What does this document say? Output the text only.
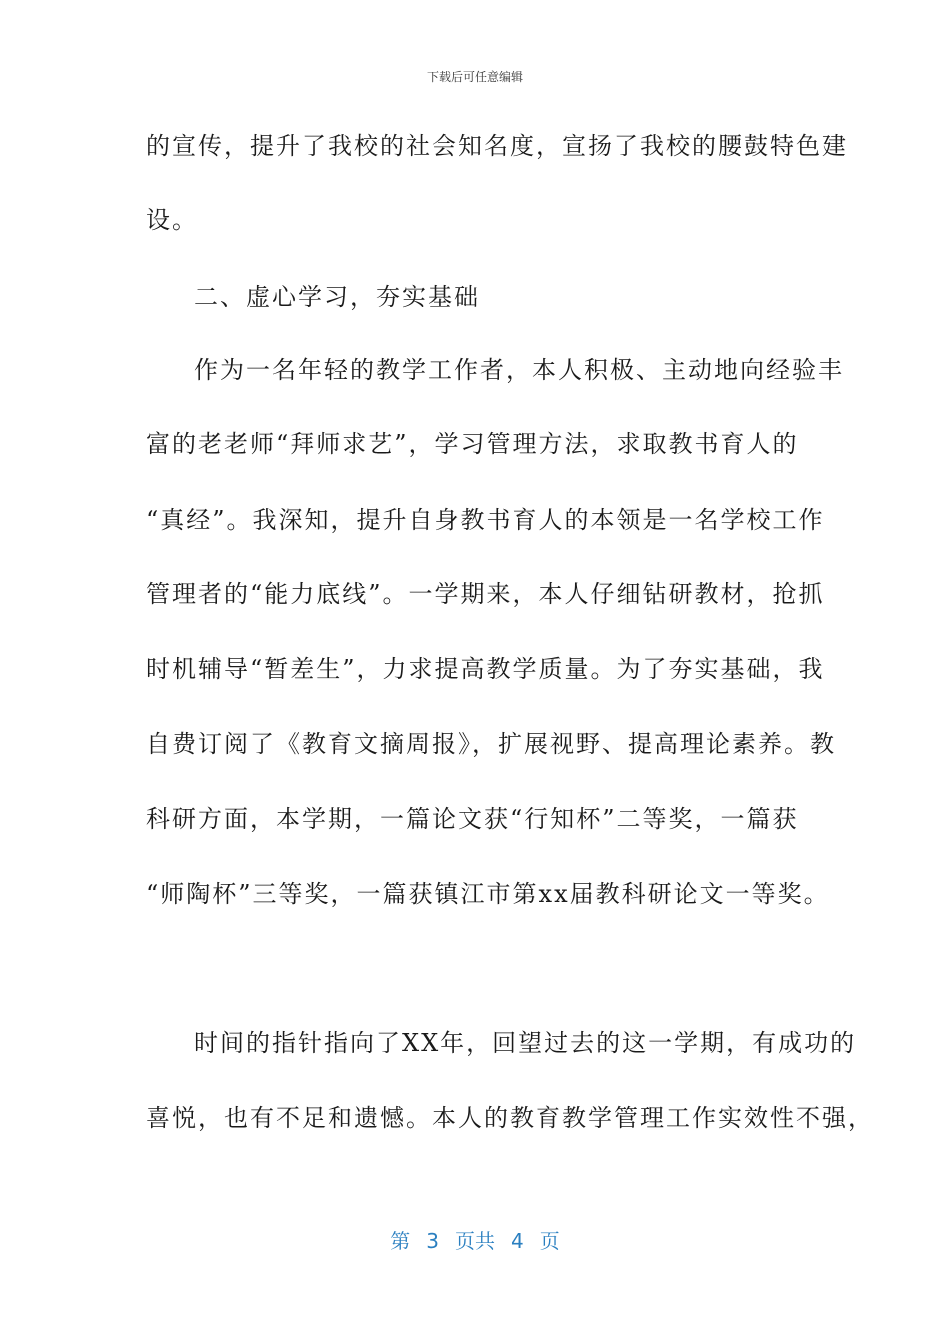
下载后可任意编辑
的宣传，提升了我校的社会知名度，宣扬了我校的腰鼓特色建
设。
二、虚心学习，夯实基础
作为一名年轻的教学工作者，本人积极、主动地向经验丰
富的老老师“拜师求艺”，学习管理方法，求取教书育人的
“真经”。我深知，提升自身教书育人的本领是一名学校工作
管理者的“能力底线”。一学期来，本人仔细钻研教材，抢抓
时机辅导“暂差生”，力求提高教学质量。为了夯实基础，我
自费订阅了《教育文摘周报》，扩展视野、提高理论素养。教
科研方面，本学期，一篇论文获“行知杯”二等奖，一篇获
“师陶杯”三等奖，一篇获镇江市第xx届教科研论文一等奖。
时间的指针指向了XX年，回望过去的这一学期，有成功的
喜悦，也有不足和遗憾。本人的教育教学管理工作实效性不强，
第 3 页共 4 页
